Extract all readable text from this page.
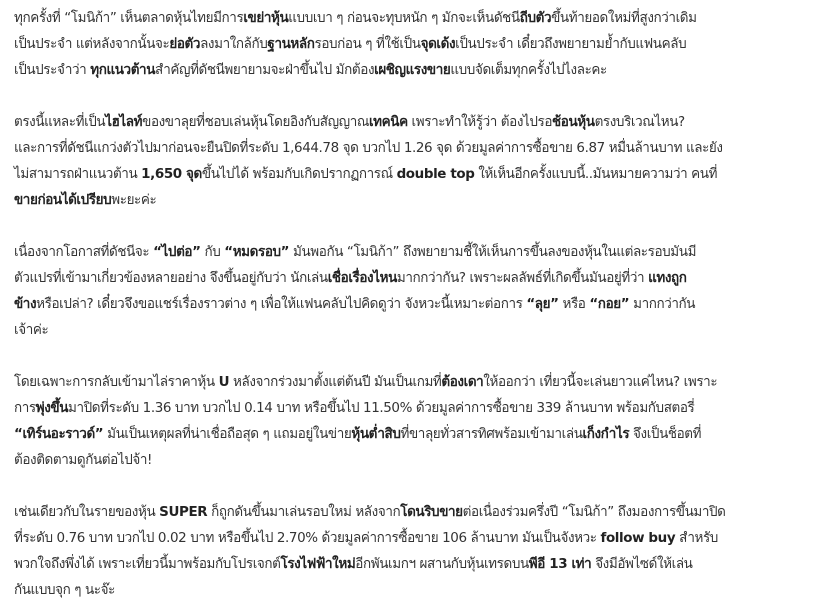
ทุกครั้งที่ “โมนิก้า” เห็นตลาดหุ้นไทยมีการเขย่าหุ้นแบบเบา ๆ ก่อนจะทุบหนัก ๆ มักจะเห็นดัชนีถีบตัวขึ้นท้ายอดใหม่ที่สูงกว่าเดิม
เป็นประจำ แต่หลังจากนั้นจะย่อตัวลงมาใกล้กับฐานหลักรอบก่อน ๆ ที่ใช้เป็นจุดเด้งเป็นประจำ เดี๋ยวถึงพยายามย้ำกับแฟนคลับ
เป็นประจำว่า ทุกแนวต้านสำคัญที่ดัชนีพยายามจะฝ่าขึ้นไป มักต้องเผชิญแรงขายแบบจัดเต็มทุกครั้งไปไงละคะ
ตรงนี้แหละที่เป็นไฮไลท์ของขาลุยที่ชอบเล่นหุ้นโดยอิงกับสัญญาณเทคนิค เพราะทำให้รู้ว่า ต้องไปรอช้อนหุ้นตรงบริเวณไหน?
และการที่ดัชนีแกว่งตัวไปมาก่อนจะยืนปิดที่ระดับ 1,644.78 จุด บวกไป 1.26 จุด ด้วยมูลค่าการซื้อขาย 6.87 หมื่นล้านบาท และยัง
ไม่สามารถฝ่าแนวต้าน 1,650 จุดขึ้นไปได้ พร้อมกับเกิดปรากฏการณ์ double top ให้เห็นอีกครั้งแบบนี้..มันหมายความว่า คนที่
ขายก่อนได้เปรียบพะยะค่ะ
เนื่องจากโอกาสที่ดัชนีจะ “ไปต่อ” กับ “หมดรอบ” มันพอกัน “โมนิก้า” ถึงพยายามชี้ให้เห็นการขึ้นลงของหุ้นในแต่ละรอบมันมี
ตัวแปรที่เข้ามาเกี่ยวข้องหลายอย่าง จึงขึ้นอยู่กับว่า นักเล่นเชื่อเรื่องไหนมากกว่ากัน? เพราะผลลัพธ์ที่เกิดขึ้นมันอยู่ที่ว่า แทงถูก
ข้างหรือเปล่า? เดี๋ยวจึงขอแชร์เรื่องราวต่าง ๆ เพื่อให้แฟนคลับไปคิดดูว่า จังหวะนี้เหมาะต่อการ “ลุย” หรือ “กอย” มากกว่ากัน
เจ้าค่ะ
โดยเฉพาะการกลับเข้ามาไล่ราคาหุ้น U หลังจากร่วงมาตั้งแต่ต้นปี มันเป็นเกมที่ต้องเดาให้ออกว่า เที่ยวนี้จะเล่นยาวแค่ไหน? เพราะ
การพุ่งขึ้นมาปิดที่ระดับ 1.36 บาท บวกไป 0.14 บาท หรือขึ้นไป 11.50% ด้วยมูลค่าการซื้อขาย 339 ล้านบาท พร้อมกับสตอรี่
“เทิร์นอะราวด์” มันเป็นเหตุผลที่น่าเชื่อถือสุด ๆ แถมอยู่ในข่ายหุ้นต่ำสิบที่ขาลุยทั่วสารทิศพร้อมเข้ามาเล่นเก็งกำไร จึงเป็นช็อตที่
ต้องติดตามดูกันต่อไปจ้า!
เช่นเดียวกับในรายของหุ้น SUPER ก็ถูกดันขึ้นมาเล่นรอบใหม่ หลังจากโดนริบขายต่อเนื่องร่วมครึ่งปี “โมนิก้า” ถึงมองการขึ้นมาปิด
ที่ระดับ 0.76 บาท บวกไป 0.02 บาท หรือขึ้นไป 2.70% ด้วยมูลค่าการซื้อขาย 106 ล้านบาท มันเป็นจังหวะ follow buy สำหรับ
พวกใจถึงพึ่งได้ เพราะเที่ยวนี้มาพร้อมกับโปรเจกต์โรงไฟฟ้าใหม่อีกพันเมกฯ ผสานกับหุ้นเทรดบนพีอี 13 เท่า จึงมีอัพไซด์ให้เล่น
กันแบบจุก ๆ นะจ๊ะ
